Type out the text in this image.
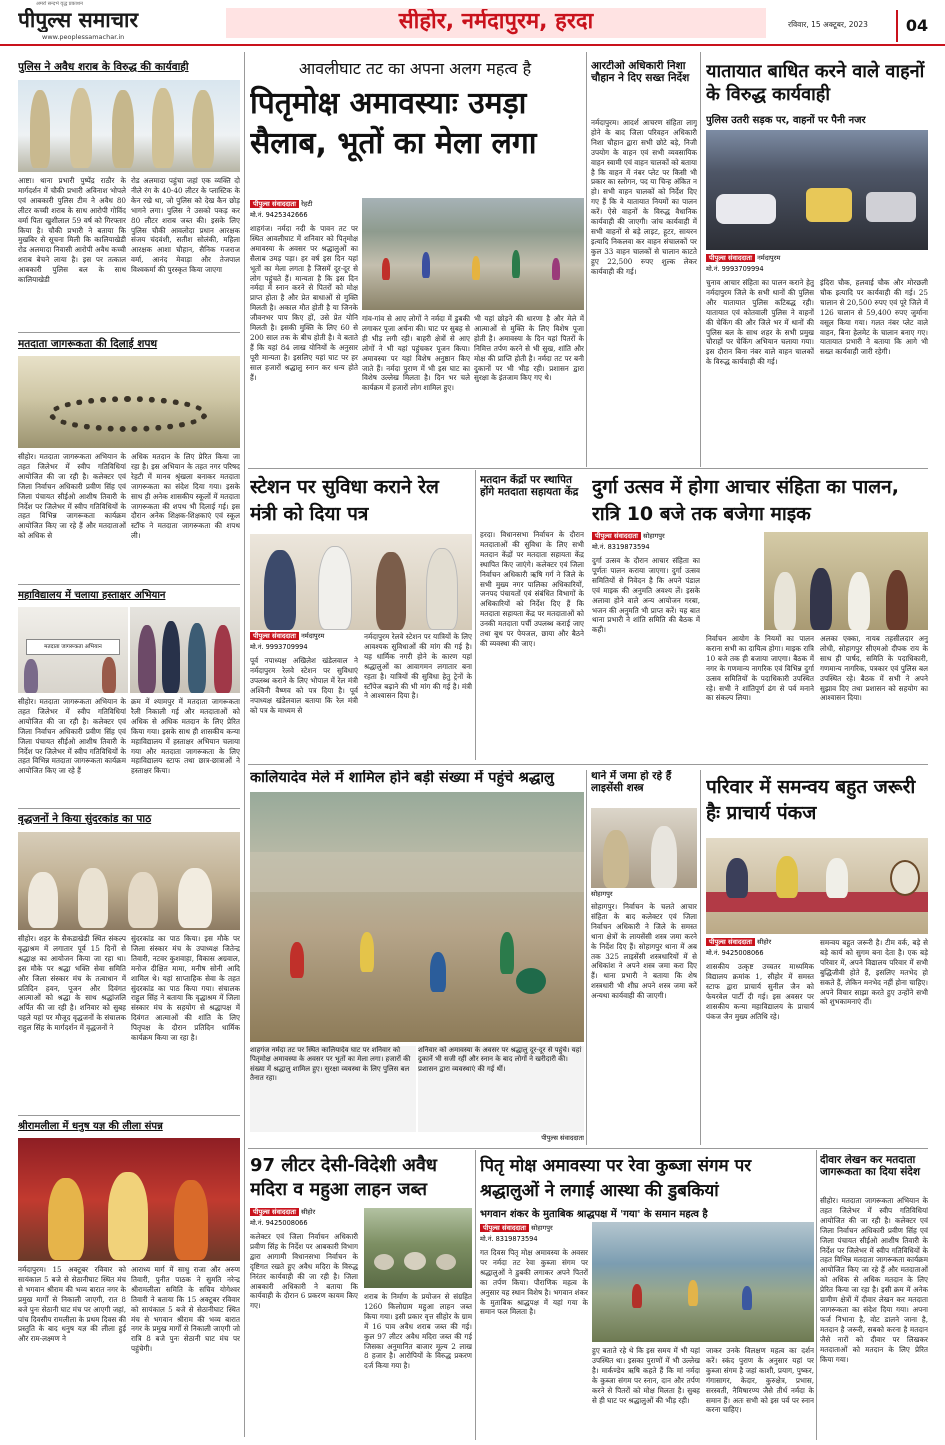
अमरों सन्दर्भ वृद्ध प्रकाशन
पीपुल्स समाचार
www.peoplessamachar.in
सीहोर, नर्मदापुरम, हरदा	रविवार, 15 अक्टूबर, 2023	04
पुलिस ने अवैध शराब के विरुद्ध की कार्यवाही
आष्टा। थाना प्रभारी पुष्पेंद्र राठौर के मार्गदर्शन में चौकी प्रभारी अविनाश भोपले एवं आबकारी पुलिस टीम ने अवैध 80 लीटर कच्ची शराब के साथ आरोपी गोविंद वर्मा पिता खुशीलाल 59 वर्ष को गिरफ्तार किया है। चौकी प्रभारी ने बताया कि मुखबिर से सूचना मिली कि कालियाखेडी रोड अलमादा निवासी आरोपी अवैध कच्ची शराब बेचने लाया है। इस पर तत्काल आबकारी पुलिस बल के साथ कालियाखेडी
रोड अलमादा पहुंचा जहां एक व्यक्ति दो नीले रंग के 40-40 लीटर के प्लास्टिक के केन रखे था, जो पुलिस को देख कैन छोड़ भागने लगा। पुलिस ने उसको पकड़ कर 80 लीटर शराब जब्त की। इसके लिए पुलिस चौकी आवलोदा प्रधान आरक्षक संजय चंदवंशी, सतीश सोलंकी, महिला आरक्षक आशा चौहान, सैनिक गजराज वर्मा, आनंद मेवाड़ा और तेजपाल विश्वकर्मा की पुरस्कृत किया जाएगा
मतदाता जागरूकता की दिलाई शपथ
सीहोर। मतदाता जागरूकता अभियान के तहत जिलेभर में स्वीप गतिविधियां आयोजित की जा रही है। कलेक्टर एवं जिला निर्वाचन अधिकारी प्रवीण सिंह एवं जिला पंचायत सीईओ आशीष तिवारी के निर्देश पर जिलेभर में स्वीप गतिविधियों के तहत विभिन्न जागरूकता कार्यक्रम आयोजित किए जा रहे हैं और मतदाताओं को अधिक से
अधिक मतदान के लिए प्रेरित किया जा रहा है। इस अभियान के तहत नगर परिषद रेहटी में मानव श्रृंखला बनाकर मतदाता जागरूकता का संदेश दिया गया। इसके साथ ही अनेक शासकीय स्कूलों में मतदाता जागरूकता की शपथ भी दिलाई गई। इस दौरान अनेक शिक्षक-शिक्षकाएं एवं स्कूल स्टॉफ ने मतदाता जागरूकता की शपथ ली।
महाविद्यालय में चलाया हस्ताक्षर अभियान
मतदाता जागरूकता अभियान
सीहोर। मतदाता जागरूकता अभियान के तहत जिलेभर में स्वीप गतिविधियां आयोजित की जा रही है। कलेक्टर एवं जिला निर्वाचन अधिकारी प्रवीण सिंह एवं जिला पंचायत सीईओ आशीष तिवारी के निर्देश पर जिलेभर में स्वीप गतिविधियों के तहत विभिन्न मतदाता जागरूकता कार्यक्रम आयोजित किए जा रहे हैं
क्रम में श्यामपुर में मतदाता जागरूकता रैली निकाली गई और मतदाताओं को अधिक से अधिक मतदान के लिए प्रेरित किया गया। इसके साथ ही शासकीय कन्या महाविद्यालय में हस्ताक्षर अभियान चलाया गया और मतदाता जागरूकता के लिए महाविद्यालय स्टाफ तथा छात्र-छात्राओं ने हस्ताक्षर किया।
वृद्धजनों ने किया सुंदरकांड का पाठ
सीहोर। शहर के सैकडाखेडी स्थित संकल्प वृद्धाश्रम में लगातार पूर्व 15 दिनों से श्रद्धाक्ष का आयोजन किया जा रहा था। इस मौके पर श्रद्धा भक्ति सेवा समिति और जिला संस्कार मंच के तत्वाधान में प्रतिदिन हवन, पूजन और दिवंगत आत्माओं को श्रद्धा के साथ श्रद्धांजलि अर्पित की जा रही है। शनिवार को सुबह पहले यहां पर मौजूद वृद्धजनों के संचालक राहुल सिंह के मार्गदर्शन में वृद्धजनों ने
सुंदरकांड का पाठ किया। इस मौके पर जिला संस्कार मंच के उपाध्यक्ष जितेन्द्र तिवारी, नटवर कुशवाहा, विकास अग्रवाल, मनोज दीक्षित मामा, मनीष सोनी आदि शामिल थे। यहां साप्ताहिक सेवा के तहत सुंदरकांड का पाठ किया गया। संचालक राहुल सिंह ने बताया कि वृद्धाश्रम में जिला संस्कार मंच के सहयोग से श्रद्धापक्ष में दिवंगत आत्माओं की शांति के लिए पितृपक्ष के दौरान प्रतिदिन धार्मिक कार्यक्रम किया जा रहा है।
श्रीरामलीला में धनुष यज्ञ की लीला संपन्न
नर्मदापुरम। 15 अक्टूबर रविवार को सायंकाल 5 बजे से सेठानीघाट स्थित मंच से भगवान श्रीराम की भव्य बारात नगर के प्रमुख मार्गों से निकाली जाएगी, रात 8 बजे पुनः सेठानी घाट मंच पर आएगी जहां, पांच दिवसीय रामलीला के प्रथम दिवस की प्रस्तुति के बाद धनुष यज्ञ की लीला हुई और राम-लक्ष्मण ने
आराध्य मार्ग में साधु राजा और अरुण तिवारी, पुनीत पाठक ने सुमति नरेन्द्र श्रीरामलीला समिति के सचिव योगेश्वर तिवारी ने बताया कि 15 अक्टूबर रविवार को सायंकाल 5 बजे से सेठानीघाट स्थित मंच से भगवान श्रीराम की भव्य बारात नगर के प्रमुख मार्गों से निकाली जाएगी जो रात्रि 8 बजे पुनः सेठानी घाट मंच पर पहुंचेगी।
आवलीघाट तट का अपना अलग महत्व है
पितृमोक्ष अमावस्याः उमड़ा सैलाब, भूतों का मेला लगा
पीपुल्स संवाददाता रेहटी
मो.नं. 9425342666
शाहगंज। नर्मदा नदी के पावन तट पर स्थित आवलीघाट में शनिवार को पितृमोक्ष अमावस्या के अवसर पर श्रद्धालुओं का सैलाब उमड़ पड़ा। हर वर्ष इस दिन यहां भूतों का मेला लगता है जिसमें दूर-दूर से लोग पहुंचते हैं। मान्यता है कि इस दिन नर्मदा में स्नान करने से पितरों को मोक्ष प्राप्त होता है और प्रेत बाधाओं से मुक्ति मिलती है। अकाल मौत होती है या जिनके जीवनभर पाप किए हों, उसे प्रेत योनि मिलती है। इसकी मुक्ति के लिए 60 से 200 साल तक के बीच होती है। वे बताते हैं कि यहां 84 लाख योनियों के अनुसार पूरी मान्यता है। इसलिए यहां घाट पर हर साल हजारों श्रद्धालु स्नान कर धन्य होते हैं।
गांव-गांव से आए लोगों ने नर्मदा में डुबकी लगाकर पूजा अर्चना की। घाट पर सुबह से ही भीड़ लगी रही। बाहरी क्षेत्रों से आए लोगों ने भी यहां पहुंचकर पूजन किया। अमावस्या पर यहां विशेष अनुष्ठान किए जाते हैं। नर्मदा पुराण में भी इस घाट का विशेष उल्लेख मिलता है। दिन भर चले कार्यक्रम में हजारों लोग शामिल हुए।
भी यहां छोड़ने की धारणा है और मेले में आत्माओं से मुक्ति के लिए विशेष पूजा होती है। अमावस्या के दिन यहां पितरों के निमित्त तर्पण करने से भी सुख, शांति और मोक्ष की प्राप्ति होती है। नर्मदा तट पर बनी दुकानों पर भी भीड़ रही। प्रशासन द्वारा सुरक्षा के इंतजाम किए गए थे।
आरटीओ अधिकारी निशा चौहान ने दिए सख्त निर्देश
नर्मदापुरम। आदर्श आचरण संहिता लागू होने के बाद जिला परिवहन अधिकारी निशा चौहान द्वारा सभी छोटे बड़े, निजी उपयोग के वाहन एवं सभी व्यवसायिक वाहन स्वामी एवं वाहन चालकों को बताया है कि वाहन में नंबर प्लेट पर किसी भी प्रकार का स्लोगन, पद या चिन्ह अंकित न हो। सभी वाहन चालकों को निर्देश दिए गए हैं कि वे यातायात नियमों का पालन करें। ऐसे वाहनों के विरुद्ध वैधानिक कार्यवाही की जाएगी। जांच कार्यवाही में सभी वाहनों से बड़े लाइट, हूटर, सायरन इत्यादि निकलवा कर वाहन संचालकों पर कुल 33 वाहन चालकों से चालान काटते हुए 22,500 रुपए शुल्क लेकर कार्यवाही की गई।
यातायात बाधित करने वाले वाहनों के विरुद्ध कार्यवाही
पुलिस उतरी सड़क पर, वाहनों पर पैनी नजर
पीपुल्स संवाददाता नर्मदापुरम
मो.नं. 9993709994
चुनाव आचार संहिता का पालन कराने हेतु नर्मदापुरम जिले के सभी थानों की पुलिस और यातायात पुलिस कटिबद्ध रही। यातायात एवं कोतवाली पुलिस ने वाहनों की चेकिंग की और जिले भर में थानों की पुलिस बल के साथ शहर के सभी प्रमुख चौराहों पर चेकिंग अभियान चलाया गया। इस दौरान बिना नंबर वाले वाहन चालकों के विरुद्ध कार्यवाही की गई।
इंदिरा चौक, हलवाई चौक और मोरछली चौक इत्यादि पर कार्यवाही की गई। 25 चालान से 20,500 रुपए एवं पूरे जिले में 126 चालान से 59,400 रुपए जुर्माना वसूल किया गया। गलत नंबर प्लेट वाले वाहन, बिना हेलमेट के चालान बनाए गए। यातायात प्रभारी ने बताया कि आगे भी सख्त कार्यवाही जारी रहेगी।
स्टेशन पर सुविधा कराने रेल मंत्री को दिया पत्र
पीपुल्स संवाददाता नर्मदापुरम
मो.नं. 9993709994
पूर्व नपाध्यक्ष अखिलेश खंडेलवाल ने नर्मदापुरम रेलवे स्टेशन पर सुविधाएं उपलब्ध कराने के लिए भोपाल में रेल मंत्री अश्विनी वैष्णव को पत्र दिया है। पूर्व नपाध्यक्ष खंडेलवाल बताया कि रेल मंत्री को पत्र के माध्यम से
नर्मदापुरम रेलवे स्टेशन पर यात्रियों के लिए आवश्यक सुविधाओं की मांग की गई है। यह धार्मिक नगरी होने के कारण यहां श्रद्धालुओं का आवागमन लगातार बना रहता है। यात्रियों की सुविधा हेतु ट्रेनों के स्टॉपेज बढ़ाने की भी मांग की गई है। मंत्री ने आश्वासन दिया है।
मतदान केंद्रों पर स्थापित होंगे मतदाता सहायता केंद्र
हरदा। विधानसभा निर्वाचन के दौरान मतदाताओं की सुविधा के लिए सभी मतदान केंद्रों पर मतदाता सहायता केंद्र स्थापित किए जाएंगे। कलेक्टर एवं जिला निर्वाचन अधिकारी ऋषि गर्ग ने जिले के सभी मुख्य नगर पालिका अधिकारियों, जनपद पंचायतों एवं संबंधित विभागों के अधिकारियों को निर्देश दिए हैं कि मतदाता सहायता केंद्र पर मतदाताओं को उनकी मतदाता पर्ची उपलब्ध कराई जाए तथा बूथ पर पेयजल, छाया और बैठने की व्यवस्था की जाए।
दुर्गा उत्सव में होगा आचार संहिता का पालन, रात्रि 10 बजे तक बजेगा माइक
पीपुल्स संवाददाता सोहागपुर
मो.नं. 8319873594
दुर्गा उत्सव के दौरान आचार संहिता का पूर्णतः पालन कराया जाएगा। दुर्गा उत्सव समितियों से निवेदन है कि अपने पंडाल एवं माइक की अनुमति अवश्य लें। इसके अलावा होने वाले अन्य आयोजन गरबा, भजन की अनुमति भी प्राप्त करें। यह बात थाना प्रभारी ने शांति समिति की बैठक में कही।
निर्वाचन आयोग के नियमों का पालन कराना सभी का दायित्व होगा। माइक रात्रि 10 बजे तक ही बजाया जाएगा। बैठक में नगर के गणमान्य नागरिक एवं विभिन्न दुर्गा उत्सव समितियों के पदाधिकारी उपस्थित रहे। सभी ने शांतिपूर्ण ढंग से पर्व मनाने का संकल्प लिया।
अलका एक्का, नायब तहसीलदार अनु लोधी, सोहागपुर सीएमओ दीपक राय के साथ ही पार्षद, समिति के पदाधिकारी, गणमान्य नागरिक, पत्रकार एवं पुलिस बल उपस्थित रहे। बैठक में सभी ने अपने सुझाव दिए तथा प्रशासन को सहयोग का आश्वासन दिया।
कालियादेव मेले में शामिल होने बड़ी संख्या में पहुंचे श्रद्धालु
शाहगंज नर्मदा तट पर स्थित कालियादेव घाट पर शनिवार को पितृमोक्ष अमावस्या के अवसर पर भूतों का मेला लगा। हजारों की संख्या में श्रद्धालु शामिल हुए। सुरक्षा व्यवस्था के लिए पुलिस बल तैनात रहा।
शनिवार को अमावस्या के अवसर पर श्रद्धालु दूर-दूर से पहुंचे। यहां दुकानें भी सजी रहीं और स्नान के बाद लोगों ने खरीदारी की। प्रशासन द्वारा व्यवस्थाएं की गई थीं।
पीपुल्स संवाददाता
थाने में जमा हो रहे हैं लाइसेंसी शस्त्र
सोहागपुर
सोहागपुर। निर्वाचन के चलते आचार संहिता के बाद कलेक्टर एवं जिला निर्वाचन अधिकारी ने जिले के समस्त थाना क्षेत्रों के लायसेंसी शस्त्र जमा करने के निर्देश दिए हैं। सोहागपुर थाना में अब तक 325 लाइसेंसी शस्त्रधारियों में से अधिकांश ने अपने शस्त्र जमा करा दिए हैं। थाना प्रभारी ने बताया कि शेष शस्त्रधारी भी शीघ्र अपने शस्त्र जमा करें अन्यथा कार्यवाही की जाएगी।
परिवार में समन्वय बहुत जरूरी हैः प्राचार्य पंकज
पीपुल्स संवाददाता सीहोर
मो.नं. 9425008066
शासकीय उत्कृष्ट उच्चतर माध्यमिक विद्यालय क्रमांक 1, सीहोर में समस्त स्टाफ द्वारा प्राचार्य सुनील जैन को फेयरवेल पार्टी दी गई। इस अवसर पर शासकीय कन्या महाविद्यालय के प्राचार्य पंकज जैन मुख्य अतिथि रहे।
समन्वय बहुत जरूरी है। टीम वर्क, बड़े से बड़े कार्य को सुगम बना देता है। एक बड़े परिवार में, अपने विद्यालय परिवार में सभी बुद्धिजीवी होते हैं, इसलिए मतभेद हो सकते हैं, लेकिन मनभेद नहीं होना चाहिए। अपने विचार साझा करते हुए उन्होंने सभी को शुभकामनाएं दीं।
97 लीटर देसी-विदेशी अवैध मदिरा व महुआ लाहन जब्त
पीपुल्स संवाददाता सीहोर
मो.नं. 9425008066
कलेक्टर एवं जिला निर्वाचन अधिकारी प्रवीण सिंह के निर्देश पर आबकारी विभाग द्वारा आगामी विधानसभा निर्वाचन के दृष्टिगत रखते हुए अवैध मदिरा के विरुद्ध निरंतर कार्यवाही की जा रही है। जिला आबकारी अधिकारी ने बताया कि कार्यवाही के दौरान 6 प्रकरण कायम किए गए।
शराब के निर्माण के प्रयोजन से संग्रहित 1260 किलोग्राम महुआ लाहन जब्त किया गया। इसी प्रकार वृत्त सीहोर के ग्राम में 16 पाव अवैध शराब जब्त की गई। कुल 97 लीटर अवैध मदिरा जब्त की गई जिसका अनुमानित बाजार मूल्य 2 लाख 8 हजार है। आरोपियों के विरुद्ध प्रकरण दर्ज किया गया है।
पितृ मोक्ष अमावस्या पर रेवा कुब्जा संगम पर श्रद्धालुओं ने लगाई आस्था की डुबकियां
भगवान शंकर के मुताबिक श्राद्धपक्ष में 'गया' के समान महत्व है
पीपुल्स संवाददाता सोहागपुर
मो.नं. 8319873594
गत दिवस पितृ मोक्ष अमावस्या के अवसर पर नर्मदा तट रेवा कुब्जा संगम पर श्रद्धालुओं ने डुबकी लगाकर अपने पितरों का तर्पण किया। पौराणिक महत्व के अनुसार यह स्थान विशेष है। भगवान शंकर के मुताबिक श्राद्धपक्ष में यहां गया के समान फल मिलता है।
हुए बताते रहे थे कि इस समय में भी यहां उपस्थित था। इसका पुराणों में भी उल्लेख है। मार्कण्डेय ऋषि कहते हैं कि मां नर्मदा के कुब्जा संगम पर स्नान, दान और तर्पण करने से पितरों को मोक्ष मिलता है। सुबह से ही घाट पर श्रद्धालुओं की भीड़ रही।
जाकर उनके विलक्षण महत्व का दर्शन करें। स्कंद पुराण के अनुसार यहां पर कुब्जा संगम है जहां काशी, प्रयाग, पुष्कर, गंगासागर, केदार, कुरुक्षेत्र, प्रभास, सरस्वती, नैमिषारण्य जैसे तीर्थ नर्मदा के समान हैं। अतः सभी को इस पर्व पर स्नान करना चाहिए।
दीवार लेखन कर मतदाता जागरूकता का दिया संदेश
सीहोर। मतदाता जागरूकता अभियान के तहत जिलेभर में स्वीप गतिविधियां आयोजित की जा रही है। कलेक्टर एवं जिला निर्वाचन अधिकारी प्रवीण सिंह एवं जिला पंचायत सीईओ आशीष तिवारी के निर्देश पर जिलेभर में स्वीप गतिविधियों के तहत विभिन्न मतदाता जागरूकता कार्यक्रम आयोजित किए जा रहे हैं और मतदाताओं को अधिक से अधिक मतदान के लिए प्रेरित किया जा रहा है। इसी क्रम में अनेक ग्रामीण क्षेत्रों में दीवार लेखन कर मतदाता जागरूकता का संदेश दिया गया। अपना फर्ज निभाना है, वोट डालने जाना है, मतदान है जरूरी, सबको करना है मतदान जैसे नारों को दीवार पर लिखकर मतदाताओं को मतदान के लिए प्रेरित किया गया।
